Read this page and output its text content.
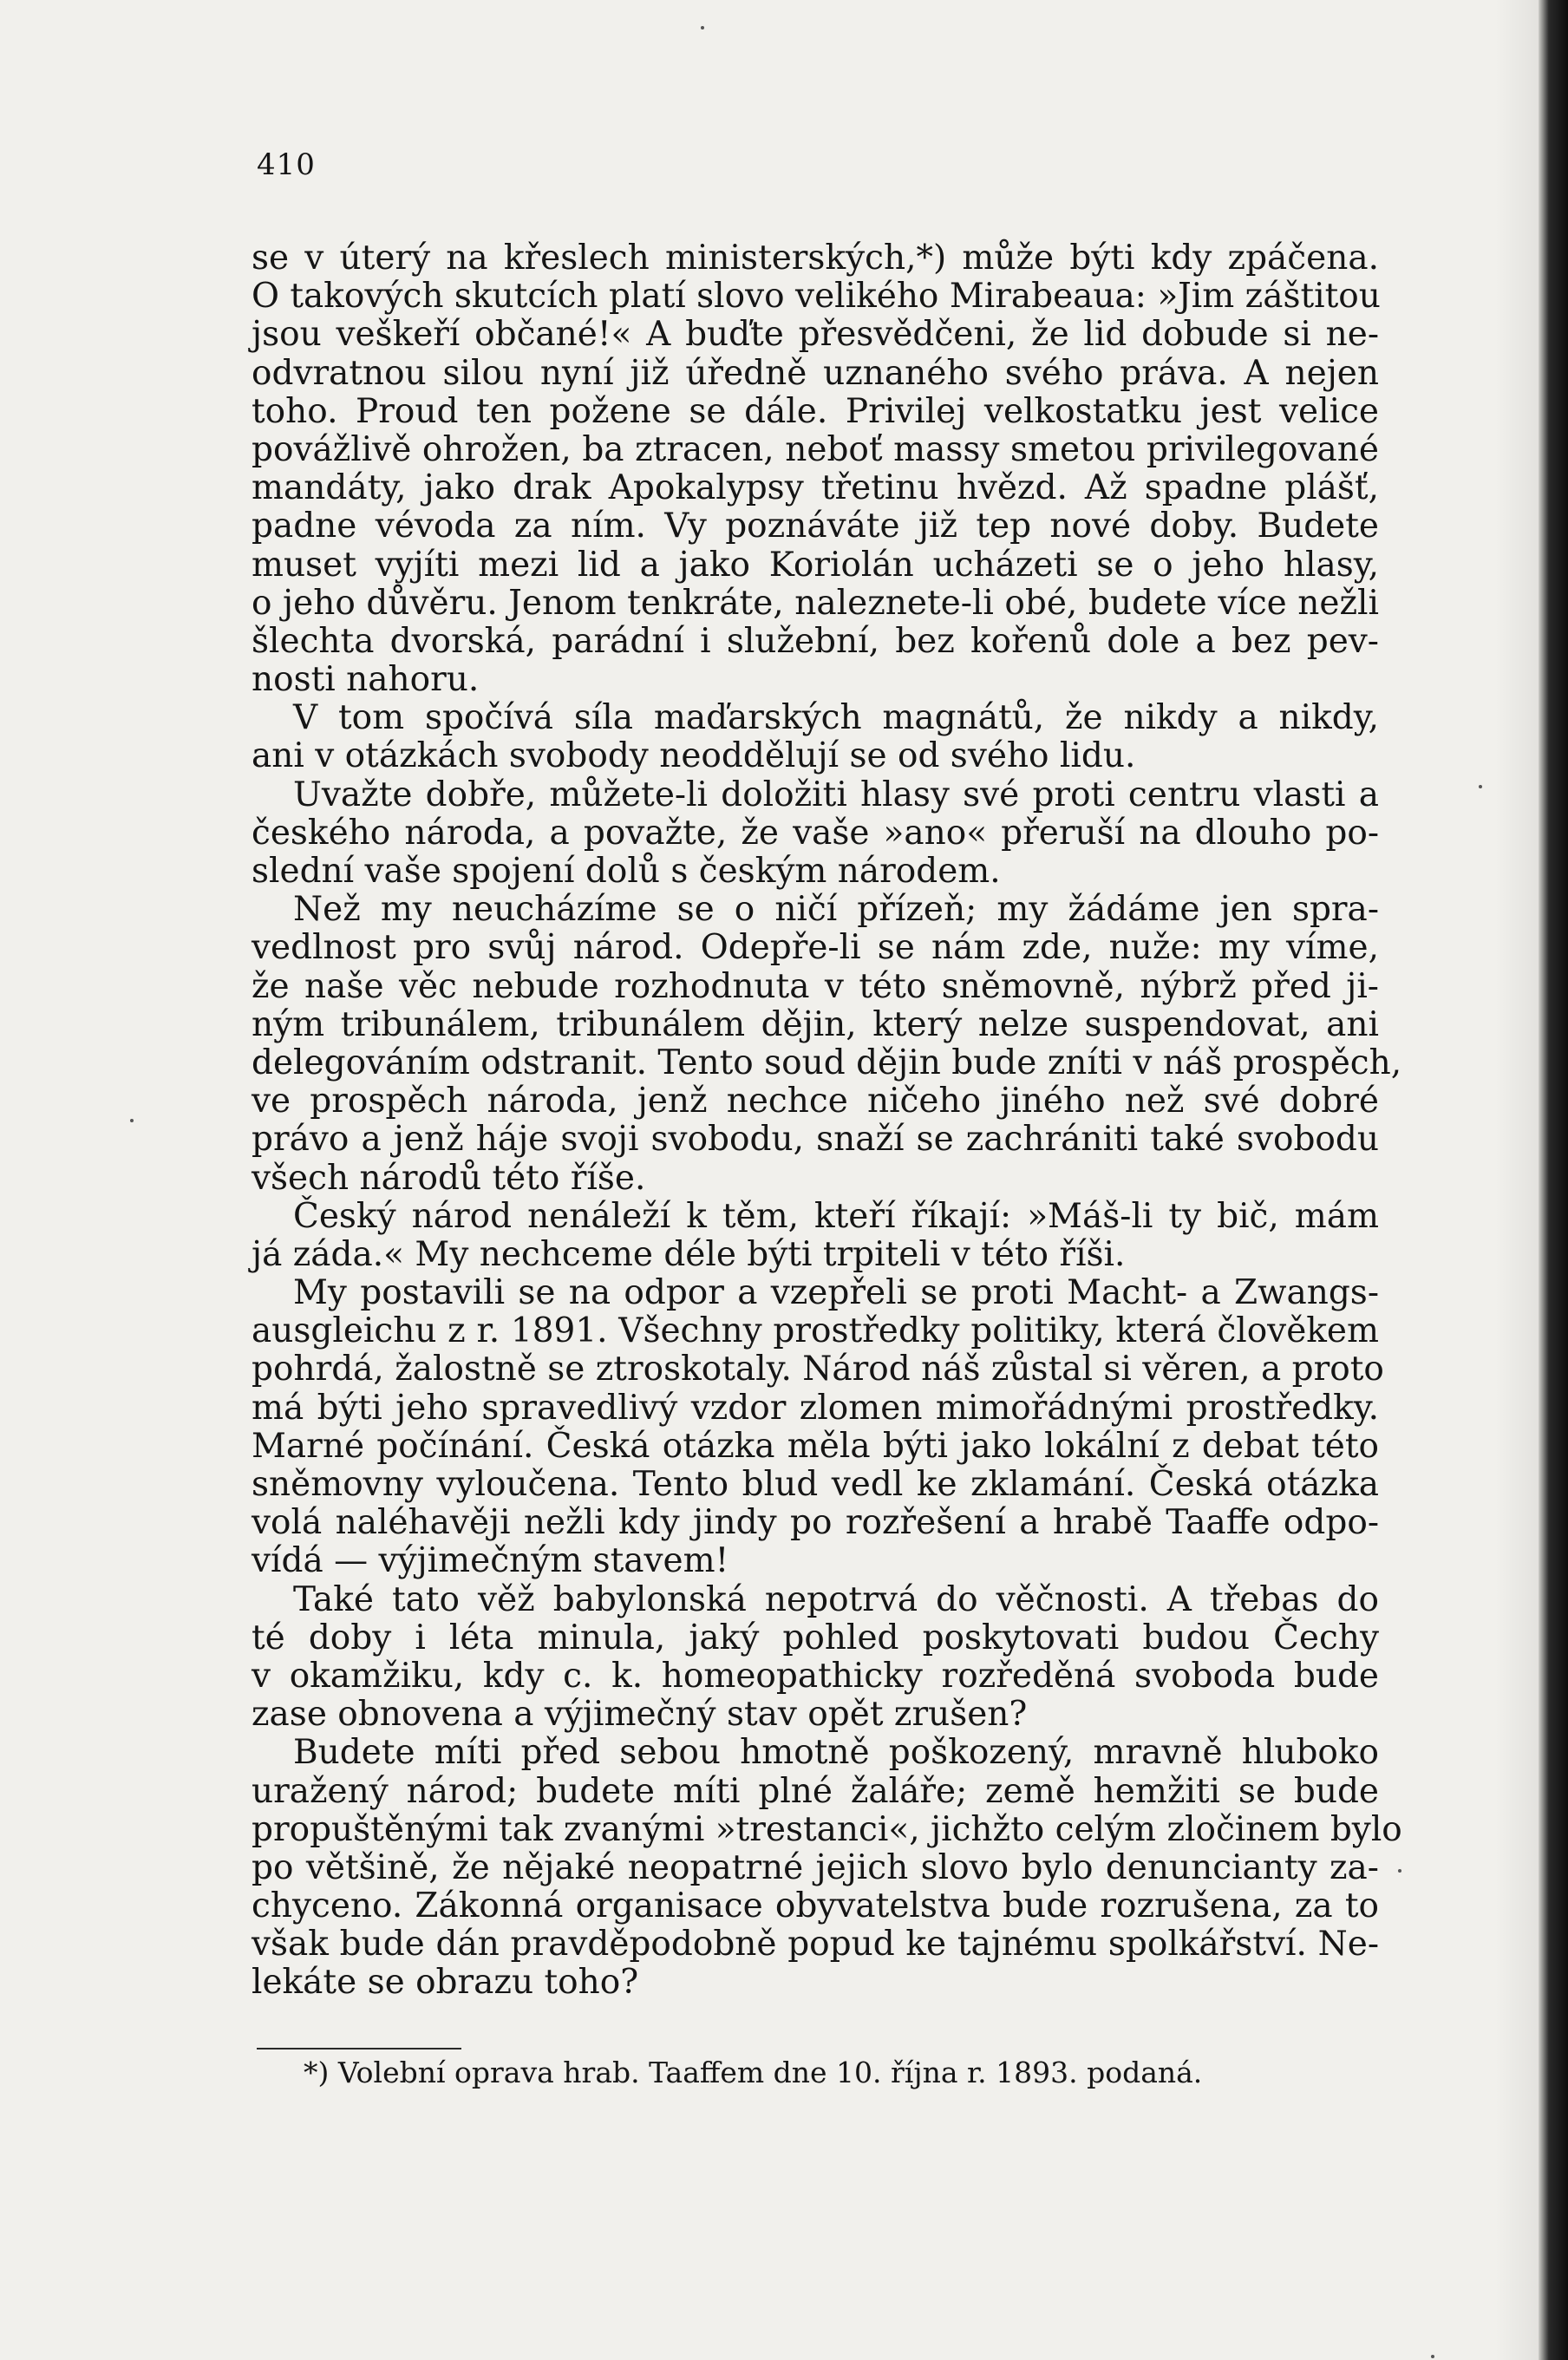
410
se v úterý na křeslech ministerských,*) může býti kdy zpáčena.
O takových skutcích platí slovo velikého Mirabeaua: »Jim záštitou
jsou veškeří občané!« A buďte přesvědčeni, že lid dobude si ne-
odvratnou silou nyní již úředně uznaného svého práva. A nejen
toho. Proud ten požene se dále. Privilej velkostatku jest velice
povážlivě ohrožen, ba ztracen, neboť massy smetou privilegované
mandáty, jako drak Apokalypsy třetinu hvězd. Až spadne plášť,
padne vévoda za ním. Vy poznáváte již tep nové doby. Budete
muset vyjíti mezi lid a jako Koriolán ucházeti se o jeho hlasy,
o jeho důvěru. Jenom tenkráte, naleznete-li obé, budete více nežli
šlechta dvorská, parádní i služební, bez kořenů dole a bez pev-
nosti nahoru.
V tom spočívá síla maďarských magnátů, že nikdy a nikdy,
ani v otázkách svobody neoddělují se od svého lidu.
Uvažte dobře, můžete-li doložiti hlasy své proti centru vlasti a
českého národa, a považte, že vaše »ano« přeruší na dlouho po-
slední vaše spojení dolů s českým národem.
Než my neucházíme se o ničí přízeň; my žádáme jen spra-
vedlnost pro svůj národ. Odepře-li se nám zde, nuže: my víme,
že naše věc nebude rozhodnuta v této sněmovně, nýbrž před ji-
ným tribunálem, tribunálem dějin, který nelze suspendovat, ani
delegováním odstranit. Tento soud dějin bude zníti v náš prospěch,
ve prospěch národa, jenž nechce ničeho jiného než své dobré
právo a jenž háje svoji svobodu, snaží se zachrániti také svobodu
všech národů této říše.
Český národ nenáleží k těm, kteří říkají: »Máš-li ty bič, mám
já záda.« My nechceme déle býti trpiteli v této říši.
My postavili se na odpor a vzepřeli se proti Macht- a Zwangs-
ausgleichu z r. 1891. Všechny prostředky politiky, která člověkem
pohrdá, žalostně se ztroskotaly. Národ náš zůstal si věren, a proto
má býti jeho spravedlivý vzdor zlomen mimořádnými prostředky.
Marné počínání. Česká otázka měla býti jako lokální z debat této
sněmovny vyloučena. Tento blud vedl ke zklamání. Česká otázka
volá naléhavěji nežli kdy jindy po rozřešení a hrabě Taaffe odpo-
vídá — výjimečným stavem!
Také tato věž babylonská nepotrvá do věčnosti. A třebas do
té doby i léta minula, jaký pohled poskytovati budou Čechy
v okamžiku, kdy c. k. homeopathicky rozředěná svoboda bude
zase obnovena a výjimečný stav opět zrušen?
Budete míti před sebou hmotně poškozený, mravně hluboko
uražený národ; budete míti plné žaláře; země hemžiti se bude
propuštěnými tak zvanými »trestanci«, jichžto celým zločinem bylo
po většině, že nějaké neopatrné jejich slovo bylo denuncianty za-
chyceno. Zákonná organisace obyvatelstva bude rozrušena, za to
však bude dán pravděpodobně popud ke tajnému spolkářství. Ne-
lekáte se obrazu toho?
*) Volební oprava hrab. Taaffem dne 10. října r. 1893. podaná.
